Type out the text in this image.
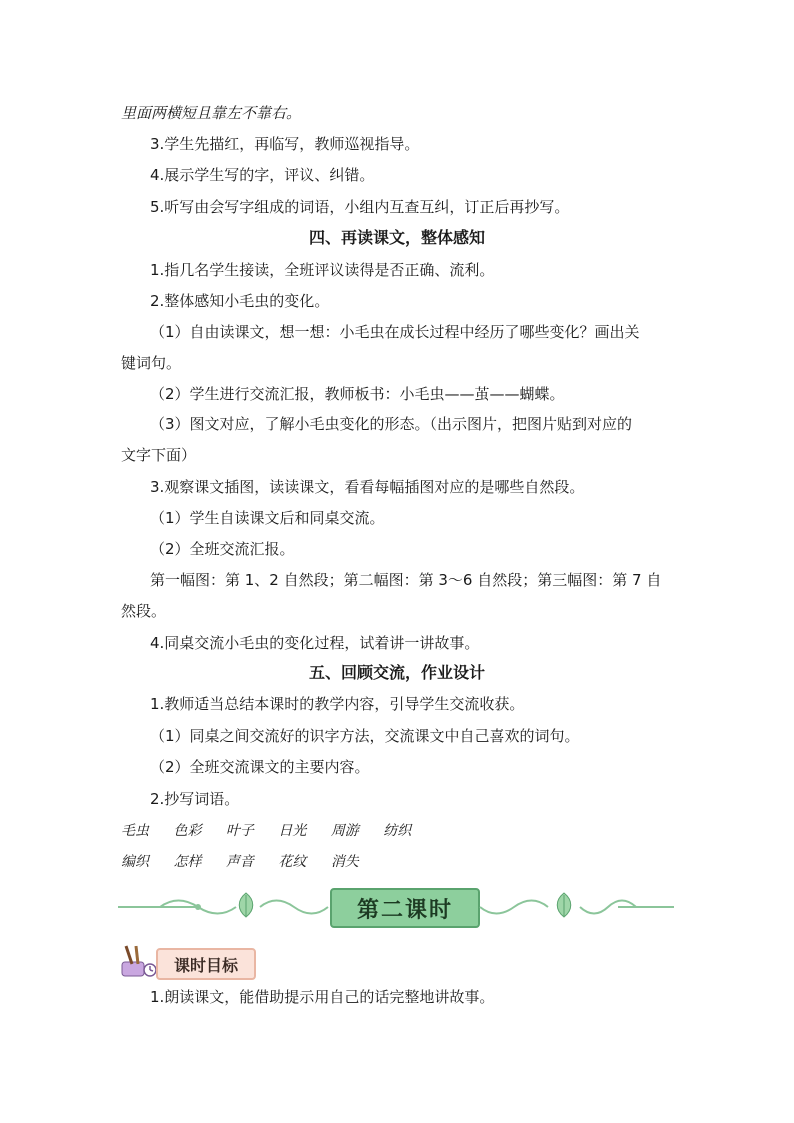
里面两横短且靠左不靠右。
3.学生先描红，再临写，教师巡视指导。
4.展示学生写的字，评议、纠错。
5.听写由会写字组成的词语，小组内互查互纠，订正后再抄写。
四、再读课文，整体感知
1.指几名学生接读，全班评议读得是否正确、流利。
2.整体感知小毛虫的变化。
（1）自由读课文，想一想：小毛虫在成长过程中经历了哪些变化？画出关
键词句。
（2）学生进行交流汇报，教师板书：小毛虫——茧——蝴蝶。
（3）图文对应，了解小毛虫变化的形态。（出示图片，把图片贴到对应的
文字下面）
3.观察课文插图，读读课文，看看每幅插图对应的是哪些自然段。
（1）学生自读课文后和同桌交流。
（2）全班交流汇报。
第一幅图：第 1、2 自然段；第二幅图：第 3～6 自然段；第三幅图：第 7 自
然段。
4.同桌交流小毛虫的变化过程，试着讲一讲故事。
五、回顾交流，作业设计
1.教师适当总结本课时的教学内容，引导学生交流收获。
（1）同桌之间交流好的识字方法，交流课文中自己喜欢的词句。
（2）全班交流课文的主要内容。
2.抄写词语。
毛虫 色彩 叶子 日光 周游 纺织
编织 怎样 声音 花纹 消失
第二课时
课时目标
1.朗读课文，能借助提示用自己的话完整地讲故事。
